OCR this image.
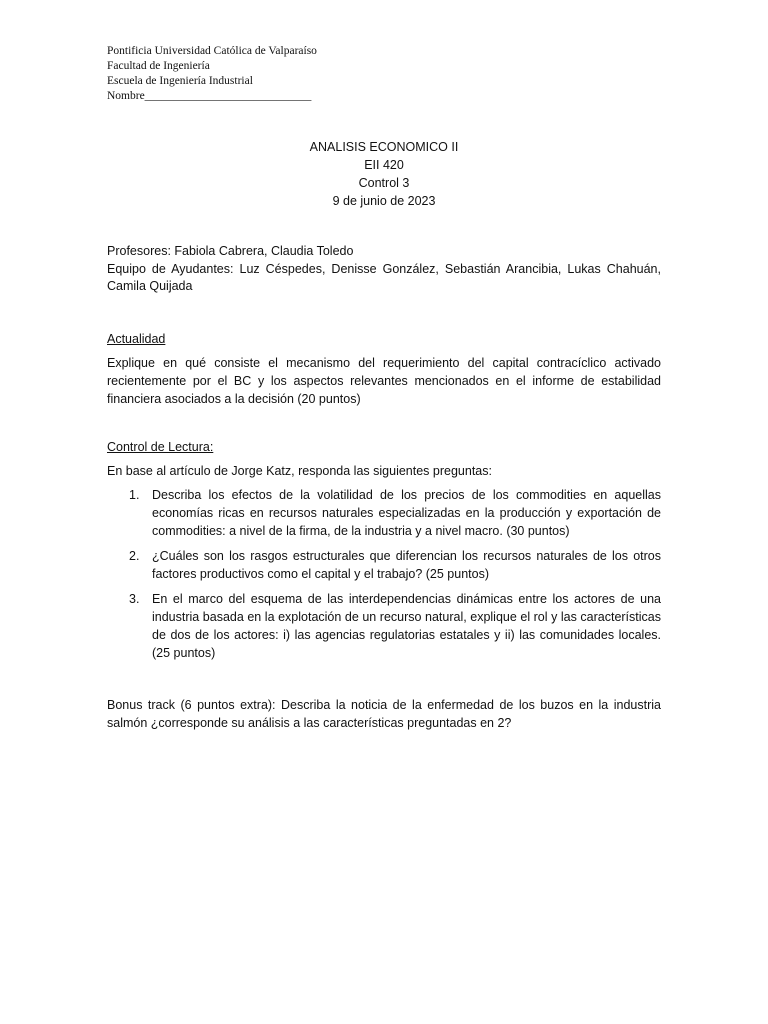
Pontificia Universidad Católica de Valparaíso
Facultad de Ingeniería
Escuela de Ingeniería Industrial
Nombre_____________________________
ANALISIS ECONOMICO II
EII 420
Control 3
9 de junio de 2023
Profesores: Fabiola Cabrera, Claudia Toledo
Equipo de Ayudantes: Luz Céspedes, Denisse González, Sebastián Arancibia, Lukas Chahuán, Camila Quijada
Actualidad
Explique en qué consiste el mecanismo del requerimiento del capital contracíclico activado recientemente por el BC y los aspectos relevantes mencionados en el informe de estabilidad financiera asociados a la decisión (20 puntos)
Control de Lectura:
En base al artículo de Jorge Katz, responda las siguientes preguntas:
1. Describa los efectos de la volatilidad de los precios de los commodities en aquellas economías ricas en recursos naturales especializadas en la producción y exportación de commodities: a nivel de la firma, de la industria y a nivel macro. (30 puntos)
2. ¿Cuáles son los rasgos estructurales que diferencian los recursos naturales de los otros factores productivos como el capital y el trabajo? (25 puntos)
3. En el marco del esquema de las interdependencias dinámicas entre los actores de una industria basada en la explotación de un recurso natural, explique el rol y las características de dos de los actores: i) las agencias regulatorias estatales y ii) las comunidades locales. (25 puntos)
Bonus track (6 puntos extra): Describa la noticia de la enfermedad de los buzos en la industria salmón ¿corresponde su análisis a las características preguntadas en 2?
